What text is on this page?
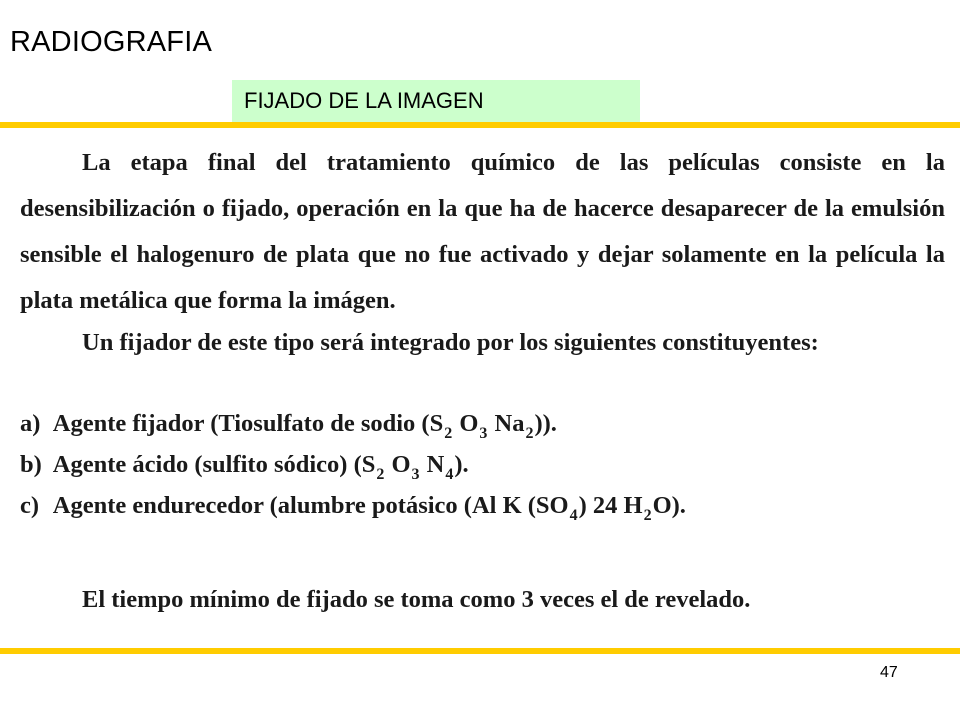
RADIOGRAFIA
FIJADO DE LA IMAGEN

La etapa final del tratamiento químico de las películas consiste en la desensibilización o fijado, operación en la que ha de hacerce desaparecer de la emulsión sensible el halogenuro de plata que no fue activado y dejar solamente en la película la plata metálica que forma la imágen.

Un fijador de este tipo será integrado por los siguientes constituyentes:

a) Agente fijador (Tiosulfato de sodio ($S_2$ $O_3$ $Na_2$)).
b) Agente ácido (sulfito sódico) ($S_2$ $O_3$ $N_4$).
c) Agente endurecedor (alumbre potásico (Al K $(SO_4)$ 24 $H_2O$).

El tiempo mínimo de fijado se toma como 3 veces el de revelado.

47
